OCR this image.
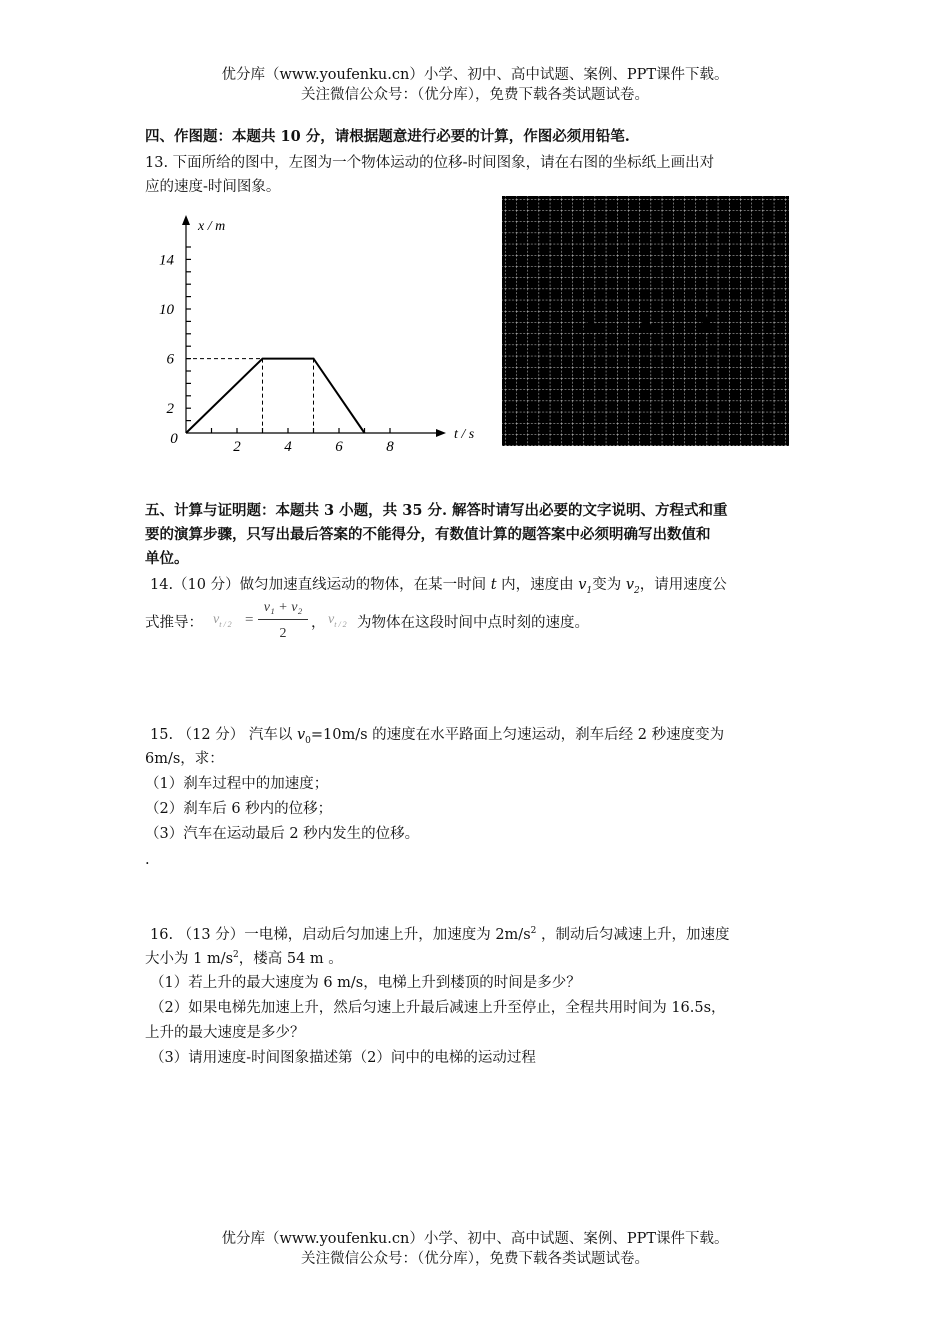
优分库（www.youfenku.cn）小学、初中、高中试题、案例、PPT课件下载。
关注微信公众号：（优分库），免费下载各类试题试卷。
四、作图题：本题共 10 分，请根据题意进行必要的计算，作图必须用铅笔.
13. 下面所给的图中，左图为一个物体运动的位移-时间图象，请在右图的坐标纸上画出对
应的速度-时间图象。
2
6
10
14
2	4	6	8
0
x / m
t / s
五、计算与证明题：本题共 3 小题，共 35 分. 解答时请写出必要的文字说明、方程式和重
要的演算步骤，只写出最后答案的不能得分，有数值计算的题答案中必须明确写出数值和
单位。
14.（10 分）做匀加速直线运动的物体，在某一时间 t 内，速度由 $v_1$变为 $v_2$，请用速度公
式推导： $v_{t / 2}$ =
v₁ + v₂
2
， $v_{t / 2}$ 为物体在这段时间中点时刻的速度。
15. （12 分） 汽车以 $v_0=10m/s$ 的速度在水平路面上匀速运动，刹车后经 2 秒速度变为
6m/s，求：
（1）刹车过程中的加速度；
（2）刹车后 6 秒内的位移；
（3）汽车在运动最后 2 秒内发生的位移。
.
16. （13 分）一电梯，启动后匀加速上升，加速度为 $2m/s^2$ ，制动后匀减速上升，加速度
大小为 1 $m/s^2$，楼高 54 m 。
（1）若上升的最大速度为 6 m/s，电梯上升到楼顶的时间是多少？
（2）如果电梯先加速上升，然后匀速上升最后减速上升至停止，全程共用时间为 16.5s，
上升的最大速度是多少？
（3）请用速度-时间图象描述第（2）问中的电梯的运动过程
优分库（www.youfenku.cn）小学、初中、高中试题、案例、PPT课件下载。
关注微信公众号：（优分库），免费下载各类试题试卷。
